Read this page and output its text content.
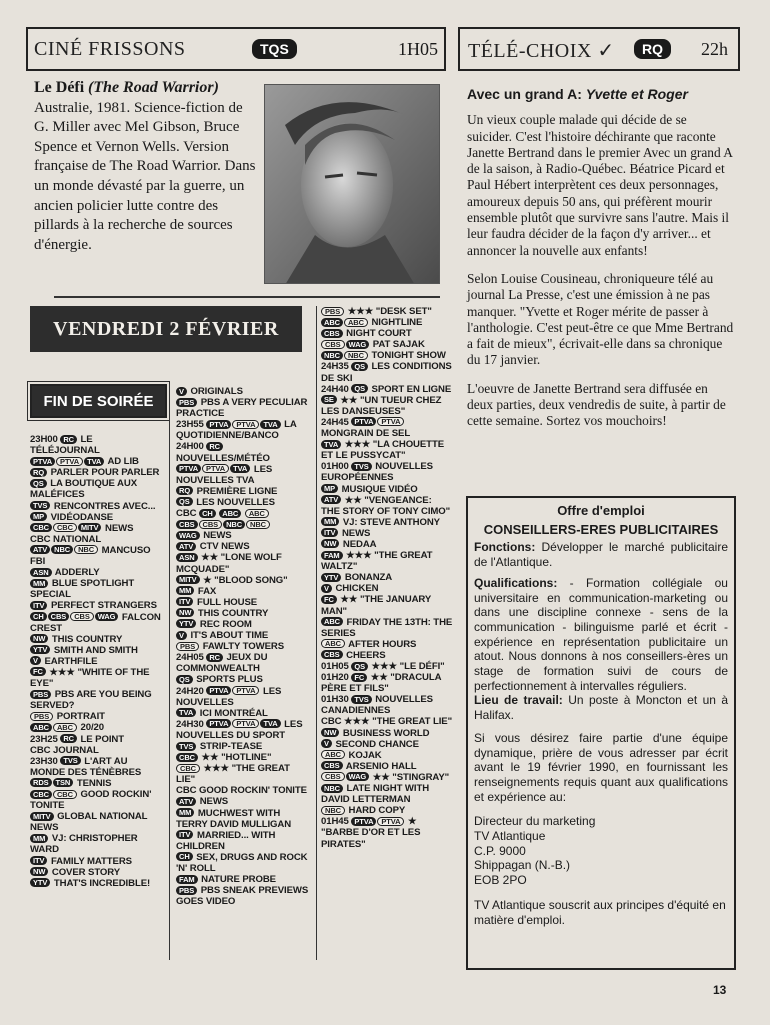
CINÉ FRISSONS	TQS	1H05 TÉLÉ-CHOIX ✓	RQ	22h
Le Défi (The Road Warrior)
Australie, 1981. Science-fiction de G. Miller avec Mel Gibson, Bruce Spence et Vernon Wells. Version française de The Road Warrior. Dans un monde dévasté par la guerre, un ancien policier lutte contre des pillards à la recherche de sources d'énergie.
VENDREDI 2 FÉVRIER
FIN DE SOIRÉE
23H00 RC LE TÉLÉJOURNAL
PTVA PTVA TVA AD LIB
RQ PARLER POUR PARLER
QS LA BOUTIQUE AUX MALÉFICES
TVS RENCONTRES AVEC...
MP VIDÉODANSE
CBC CBC MITV NEWS
CBC NATIONAL
ATV NBC NBC MANCUSO FBI
ASN ADDERLY
MM BLUE SPOTLIGHT SPECIAL
ITV PERFECT STRANGERS
CH CBS CBS WAG FALCON CREST
NW THIS COUNTRY
YTV SMITH AND SMITH
V EARTHFILE
FC ★★★ "WHITE OF THE EYE"
PBS PBS ARE YOU BEING SERVED?
PBS PORTRAIT
ABC ABC 20/20
23H25 RC LE POINT
CBC JOURNAL
23H30 TVS L'ART AU MONDE DES TÉNÈBRES
RDS TSN TENNIS
CBC CBC GOOD ROCKIN' TONITE
MITV GLOBAL NATIONAL NEWS
MM VJ: CHRISTOPHER WARD
ITV FAMILY MATTERS
NW COVER STORY
YTV THAT'S INCREDIBLE!
V ORIGINALS
PBS PBS A VERY PECULIAR PRACTICE
23H55 PTVA PTVA TVA LA QUOTIDIENNE/BANCO
24H00 RC NOUVELLES/MÉTÉO
PTVA PTVA TVA LES NOUVELLES TVA
RQ PREMIÈRE LIGNE
QS LES NOUVELLES
CBC CH ABC ABC
CBS CBS NBC NBC
WAG NEWS
ATV CTV NEWS
ASN ★★ "LONE WOLF MCQUADE"
MITV ★ "BLOOD SONG"
MM FAX
ITV FULL HOUSE
NW THIS COUNTRY
YTV REC ROOM
V IT'S ABOUT TIME
PBS FAWLTY TOWERS
24H05 RC JEUX DU COMMONWEALTH
QS SPORTS PLUS
24H20 PTVA PTVA LES NOUVELLES
TVA ICI MONTRÉAL
24H30 PTVA PTVA TVA LES NOUVELLES DU SPORT
TVS STRIP-TEASE
CBC ★★ "HOTLINE"
CBC ★★★ "THE GREAT LIE"
CBC GOOD ROCKIN' TONITE
ATV NEWS
MM MUCHWEST WITH TERRY DAVID MULLIGAN
ITV MARRIED... WITH CHILDREN
CH SEX, DRUGS AND ROCK 'N' ROLL
FAM NATURE PROBE
PBS PBS SNEAK PREVIEWS GOES VIDEO
PBS ★★★ "DESK SET"
ABC ABC NIGHTLINE
CBS NIGHT COURT
CBS WAG PAT SAJAK
NBC NBC TONIGHT SHOW
24H35 QS LES CONDITIONS DE SKI
24H40 QS SPORT EN LIGNE
SE ★★ "UN TUEUR CHEZ LES DANSEUSES"
24H45 PTVA PTVA MONGRAIN DE SEL
TVA ★★★ "LA CHOUETTE ET LE PUSSYCAT"
01H00 TVS NOUVELLES EUROPÉENNES
MP MUSIQUE VIDÉO
ATV ★★ "VENGEANCE: THE STORY OF TONY CIMO"
MM VJ: STEVE ANTHONY
ITV NEWS
NW NEDAA
FAM ★★★ "THE GREAT WALTZ"
YTV BONANZA
V CHICKEN
FC ★★ "THE JANUARY MAN"
ABC FRIDAY THE 13TH: THE SERIES
ABC AFTER HOURS
CBS CHEERS
01H05 QS ★★★ "LE DÉFI"
01H20 FC ★★ "DRACULA PÈRE ET FILS"
01H30 TVS NOUVELLES CANADIENNES
CBC ★★★ "THE GREAT LIE"
NW BUSINESS WORLD
V SECOND CHANCE
ABC KOJAK
CBS ARSENIO HALL
CBS WAG ★★ "STINGRAY"
NBC LATE NIGHT WITH DAVID LETTERMAN
NBC HARD COPY
01H45 PTVA PTVA ★ "BARBE D'OR ET LES PIRATES"
Avec un grand A: Yvette et Roger

Un vieux couple malade qui décide de se suicider. C'est l'histoire déchirante que raconte Janette Bertrand dans le premier Avec un grand A de la saison, à Radio-Québec. Béatrice Picard et Paul Hébert interprètent ces deux personnages, amoureux depuis 50 ans, qui préfèrent mourir ensemble plutôt que survivre sans l'autre. Mais il leur faudra décider de la façon d'y arriver... et annoncer la nouvelle aux enfants!

Selon Louise Cousineau, chroniqueure télé au journal La Presse, c'est une émission à ne pas manquer. "Yvette et Roger mérite de passer à l'anthologie. C'est peut-être ce que Mme Bertrand a fait de mieux", écrivait-elle dans sa chronique du 17 janvier.

L'oeuvre de Janette Bertrand sera diffusée en deux parties, deux vendredis de suite, à partir de cette semaine. Sortez vos mouchoirs!

Offre d'emploi
CONSEILLERS-ERES PUBLICITAIRES
Fonctions: Développer le marché publicitaire de l'Atlantique.
Qualifications: - Formation collégiale ou universitaire en communication-marketing ou dans une discipline connexe - sens de la communication - bilinguisme parlé et écrit - expérience en représentation publicitaire un atout. Nous donnons à nos conseillers-ères un stage de formation suivi de cours de perfectionnement à intervalles réguliers.
Lieu de travail: Un poste à Moncton et un à Halifax.
Si vous désirez faire partie d'une équipe dynamique, prière de vous adresser par écrit avant le 19 février 1990, en fournissant les renseignements requis quant aux qualifications et expérience au:
Directeur du marketing
TV Atlantique
C.P. 9000
Shippagan (N.-B.)
EOB 2PO
TV Atlantique souscrit aux principes d'équité en matière d'emploi.
13
